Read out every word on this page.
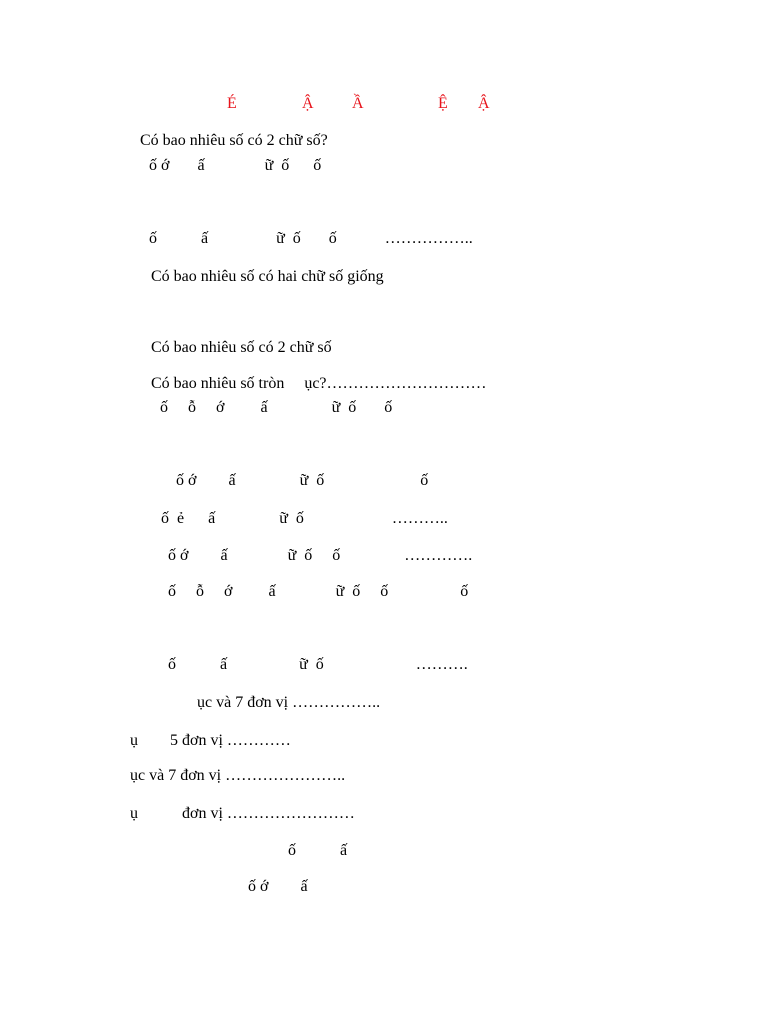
É	Ậ Ầ	Ệ Ậ
Có bao nhiêu số có 2 chữ số?
ố ớ       ấ               ữ  ố      ố
ố           ấ                 ữ  ố       ố            ……………..
Có bao nhiêu số có hai chữ số giống
Có bao nhiêu số có 2 chữ số
Có bao nhiêu số tròn     ục?…………………………
ố     ỗ     ớ         ấ                ữ  ố       ố
ố ớ        ấ                ữ  ố                        ố
ố  ẻ      ấ                ữ  ố                      ………..
ố ớ        ấ               ữ  ố     ố                ………….
ố     ỗ     ớ         ấ               ữ  ố     ố                  ố
ố           ấ                  ữ  ố                       ……….
ục và 7 đơn vị ……………..
ụ        5 đơn vị …………
ục và 7 đơn vị …………………..
ụ           đơn vị ……………………
ố           ấ
ố ớ        ấ
